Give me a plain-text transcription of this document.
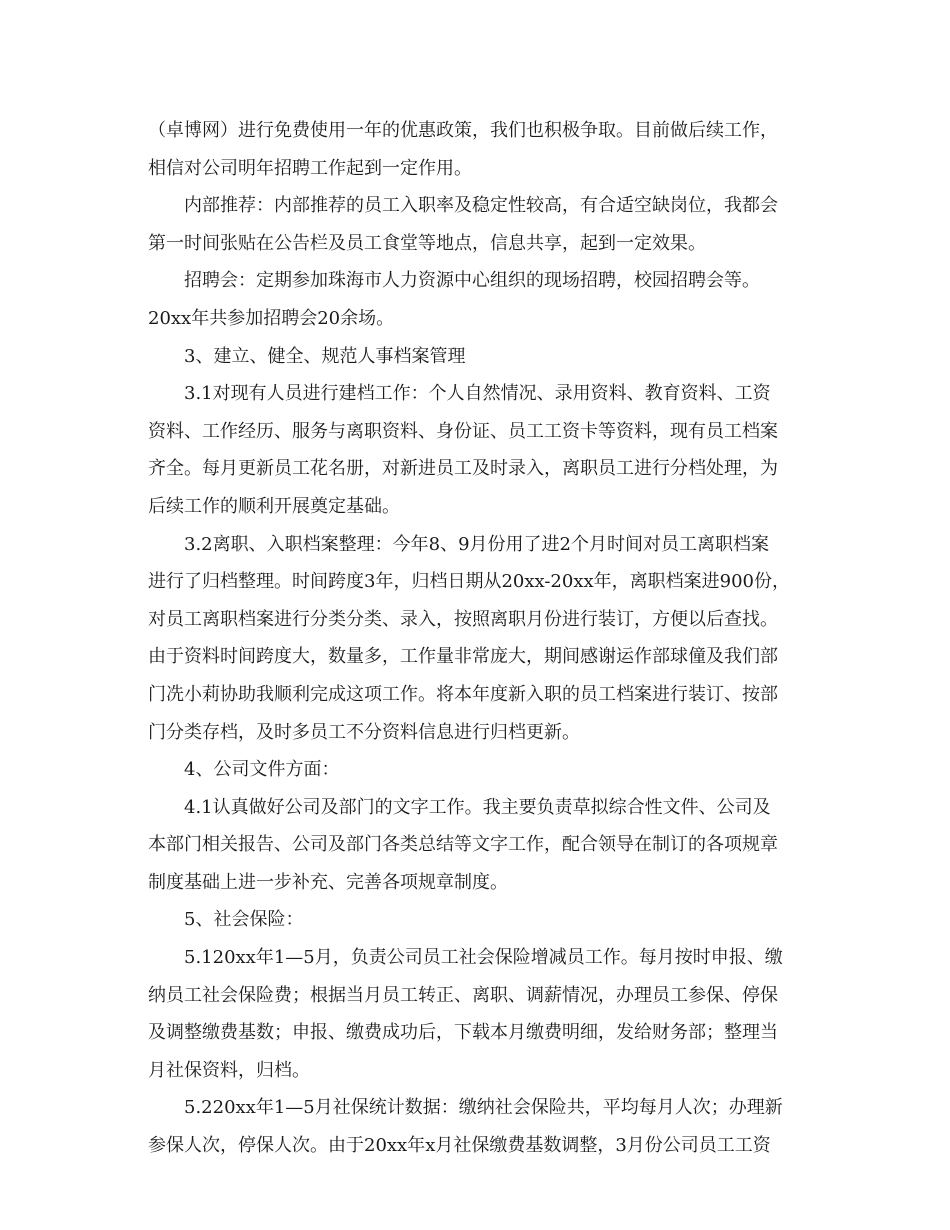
（卓博网）进行免费使用一年的优惠政策，我们也积极争取。目前做后续工作，
相信对公司明年招聘工作起到一定作用。
内部推荐：内部推荐的员工入职率及稳定性较高，有合适空缺岗位，我都会
第一时间张贴在公告栏及员工食堂等地点，信息共享，起到一定效果。
招聘会：定期参加珠海市人力资源中心组织的现场招聘，校园招聘会等。
20xx年共参加招聘会20余场。
3、建立、健全、规范人事档案管理
3.1对现有人员进行建档工作：个人自然情况、录用资料、教育资料、工资
资料、工作经历、服务与离职资料、身份证、员工工资卡等资料，现有员工档案
齐全。每月更新员工花名册，对新进员工及时录入，离职员工进行分档处理，为
后续工作的顺利开展奠定基础。
3.2离职、入职档案整理：今年8、9月份用了进2个月时间对员工离职档案
进行了归档整理。时间跨度3年，归档日期从20xx-20xx年，离职档案进900份，
对员工离职档案进行分类分类、录入，按照离职月份进行装订，方便以后查找。
由于资料时间跨度大，数量多，工作量非常庞大，期间感谢运作部球僮及我们部
门冼小莉协助我顺利完成这项工作。将本年度新入职的员工档案进行装订、按部
门分类存档，及时多员工不分资料信息进行归档更新。
4、公司文件方面：
4.1认真做好公司及部门的文字工作。我主要负责草拟综合性文件、公司及
本部门相关报告、公司及部门各类总结等文字工作，配合领导在制订的各项规章
制度基础上进一步补充、完善各项规章制度。
5、社会保险：
5.120xx年1—5月，负责公司员工社会保险增减员工作。每月按时申报、缴
纳员工社会保险费；根据当月员工转正、离职、调薪情况，办理员工参保、停保
及调整缴费基数；申报、缴费成功后，下载本月缴费明细，发给财务部；整理当
月社保资料，归档。
5.220xx年1—5月社保统计数据：缴纳社会保险共，平均每月人次；办理新
参保人次，停保人次。由于20xx年x月社保缴费基数调整，3月份公司员工工资
